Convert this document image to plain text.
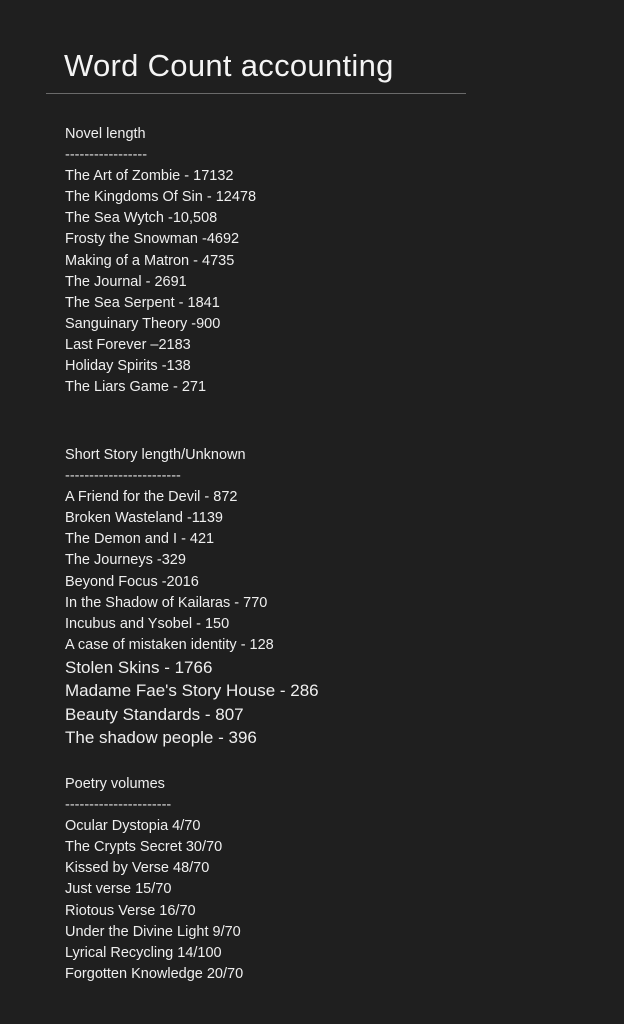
Word Count accounting
Novel length
-----------------
The Art of Zombie - 17132
The Kingdoms Of Sin - 12478
The Sea Wytch -10,508
Frosty the Snowman -4692
Making of a Matron - 4735
The Journal - 2691
The Sea Serpent - 1841
Sanguinary Theory -900
Last Forever –2183
Holiday Spirits -138
The Liars Game - 271
Short Story length/Unknown
------------------------
A Friend for the Devil - 872
Broken Wasteland -1139
The Demon and I - 421
The Journeys -329
Beyond Focus -2016
In the Shadow of Kailaras - 770
Incubus and Ysobel - 150
A case of mistaken identity - 128
Stolen Skins - 1766
Madame Fae's Story House - 286
Beauty Standards - 807
The shadow people - 396
Poetry volumes
----------------------
Ocular Dystopia 4/70
The Crypts Secret 30/70
Kissed by Verse 48/70
Just verse 15/70
Riotous Verse 16/70
Under the Divine Light 9/70
Lyrical Recycling 14/100
Forgotten Knowledge 20/70
